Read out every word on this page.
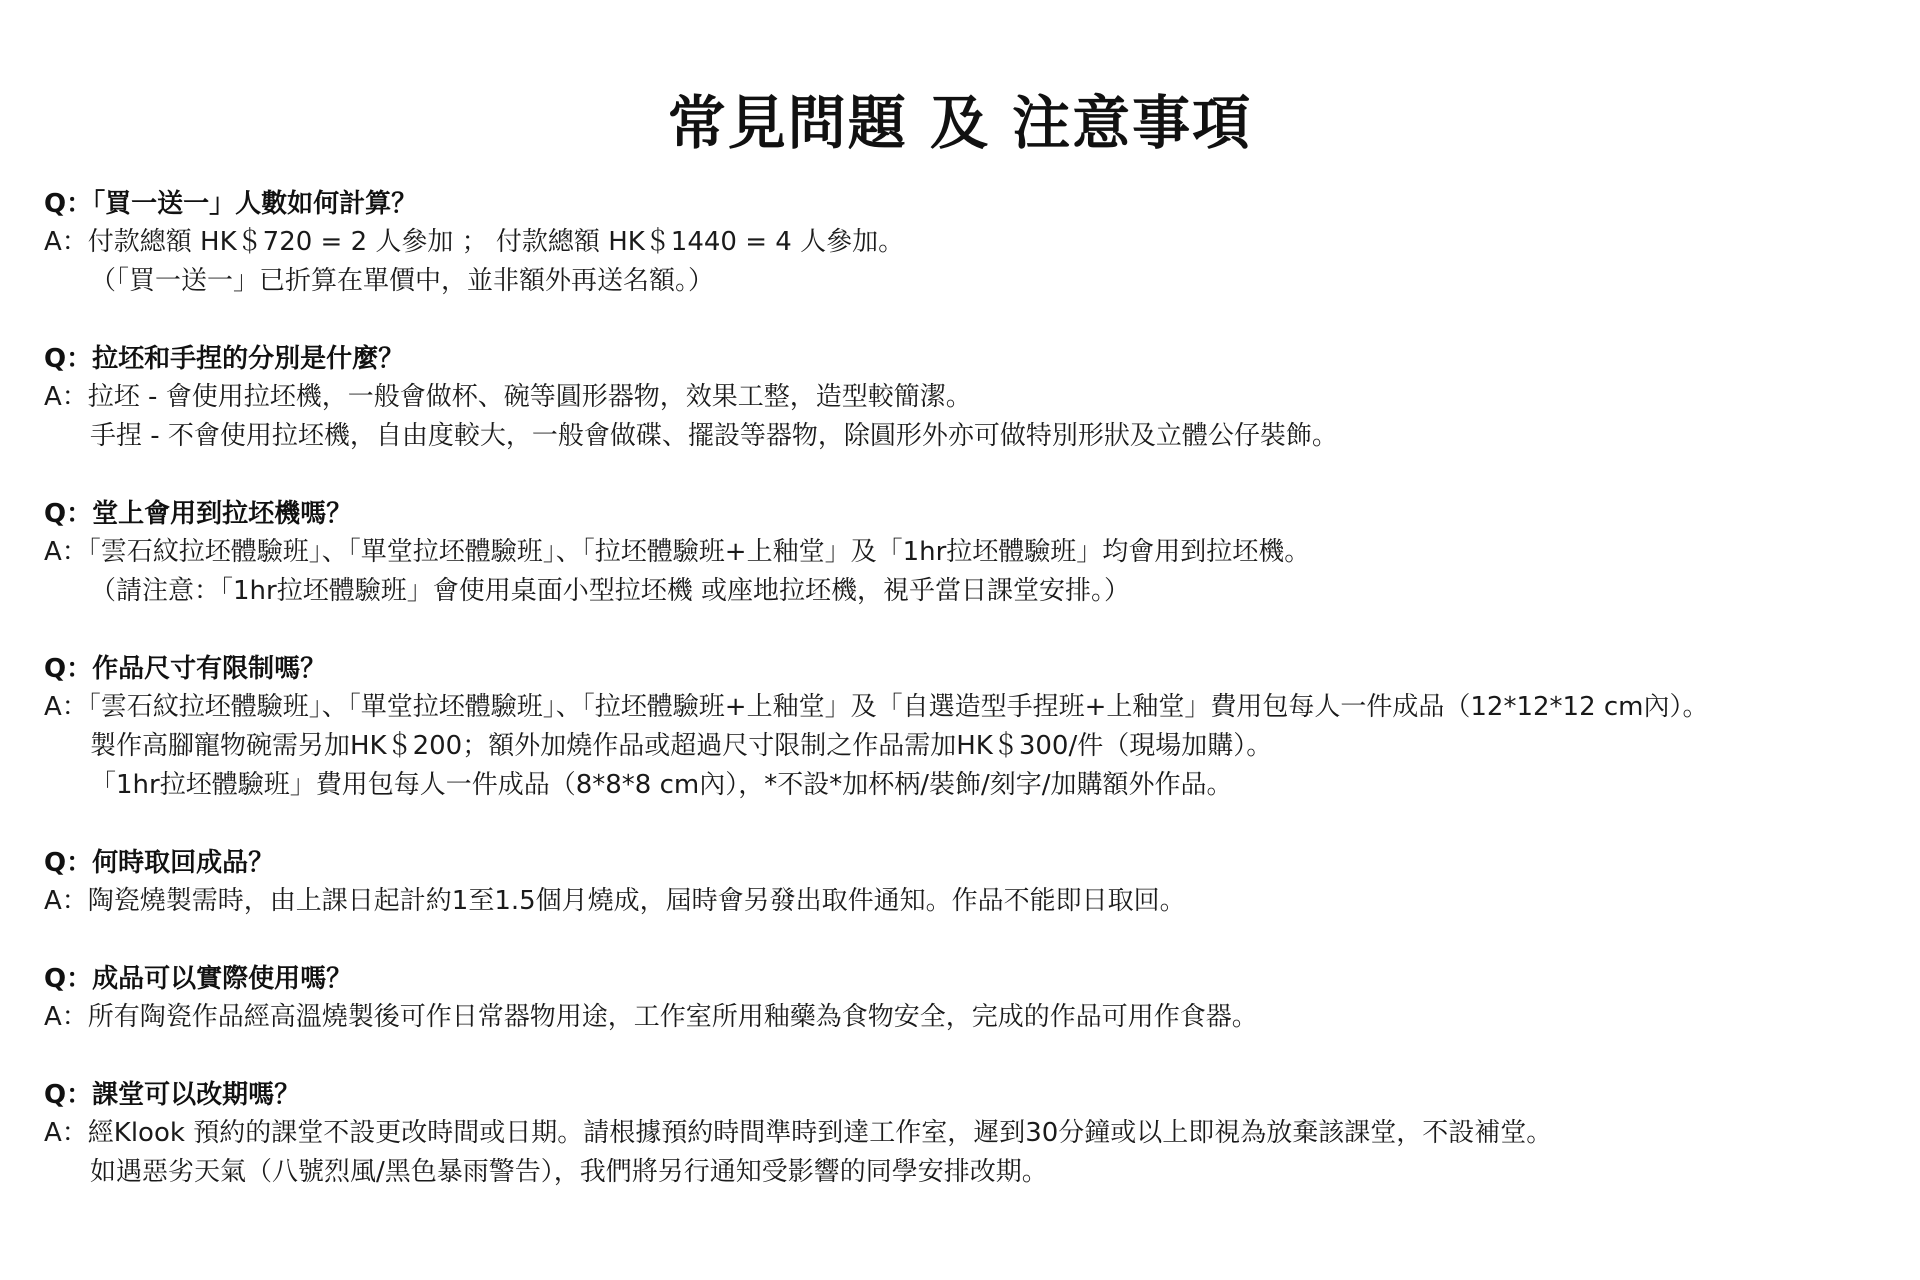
常見問題 及 注意事項
Q：「買一送一」人數如何計算？
A：付款總額 HK＄720 = 2 人參加 ； 付款總額 HK＄1440 = 4 人參加。
（「買一送一」已折算在單價中，並非額外再送名額。）
Q：拉坯和手捏的分別是什麼？
A：拉坯 - 會使用拉坯機，一般會做杯、碗等圓形器物，效果工整，造型較簡潔。
手捏 - 不會使用拉坯機，自由度較大，一般會做碟、擺設等器物，除圓形外亦可做特別形狀及立體公仔裝飾。
Q：堂上會用到拉坯機嗎？
A：「雲石紋拉坯體驗班」、「單堂拉坯體驗班」、「拉坯體驗班+上釉堂」及「1hr拉坯體驗班」均會用到拉坯機。
（請注意：「1hr拉坯體驗班」會使用桌面小型拉坯機 或座地拉坯機，視乎當日課堂安排。）
Q：作品尺寸有限制嗎？
A：「雲石紋拉坯體驗班」、「單堂拉坯體驗班」、「拉坯體驗班+上釉堂」及「自選造型手捏班+上釉堂」費用包每人一件成品（12*12*12 cm內）。
製作高腳寵物碗需另加HK＄200；額外加燒作品或超過尺寸限制之作品需加HK＄300/件（現場加購）。
「1hr拉坯體驗班」費用包每人一件成品（8*8*8 cm內），*不設*加杯柄/裝飾/刻字/加購額外作品。
Q：何時取回成品？
A：陶瓷燒製需時，由上課日起計約1至1.5個月燒成，屆時會另發出取件通知。作品不能即日取回。
Q：成品可以實際使用嗎？
A：所有陶瓷作品經高溫燒製後可作日常器物用途，工作室所用釉藥為食物安全，完成的作品可用作食器。
Q：課堂可以改期嗎？
A：經Klook 預約的課堂不設更改時間或日期。請根據預約時間準時到達工作室，遲到30分鐘或以上即視為放棄該課堂，不設補堂。
如遇惡劣天氣（八號烈風/黑色暴雨警告），我們將另行通知受影響的同學安排改期。
